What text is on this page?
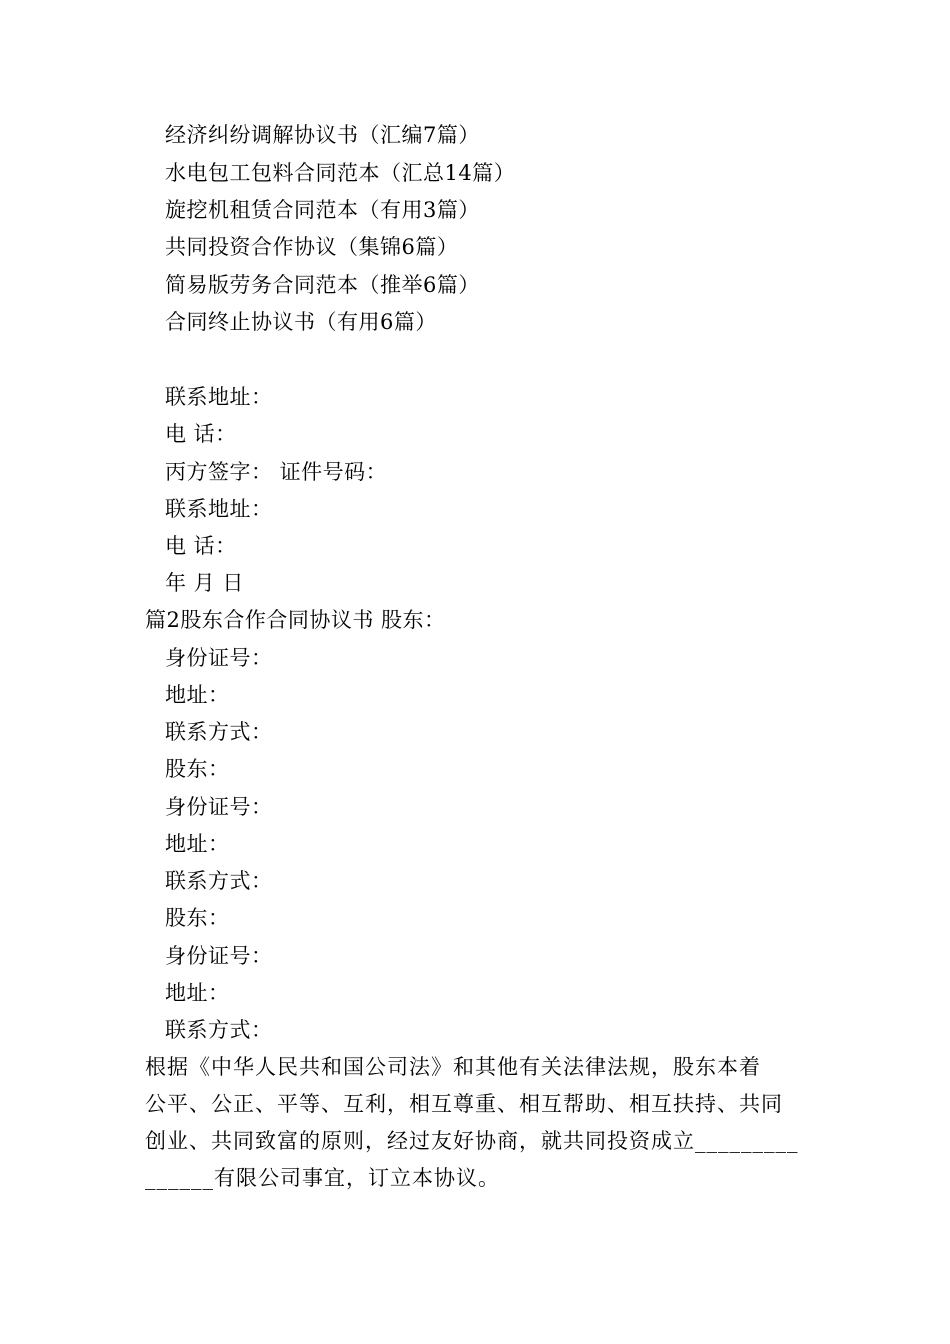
经济纠纷调解协议书（汇编7篇）
水电包工包料合同范本（汇总14篇）
旋挖机租赁合同范本（有用3篇）
共同投资合作协议（集锦6篇）
简易版劳务合同范本（推举6篇）
合同终止协议书（有用6篇）
联系地址：
电 话：
丙方签字： 证件号码：
联系地址：
电 话：
年 月 日
篇2股东合作合同协议书 股东：
身份证号：
地址：
联系方式：
股东：
身份证号：
地址：
联系方式：
股东：
身份证号：
地址：
联系方式：

根据《中华人民共和国公司法》和其他有关法律法规，股东本着

公平、公正、平等、互利，相互尊重、相互帮助、相互扶持、共同

创业、共同致富的原则，经过友好协商，就共同投资成立_________

______有限公司事宜，订立本协议。
